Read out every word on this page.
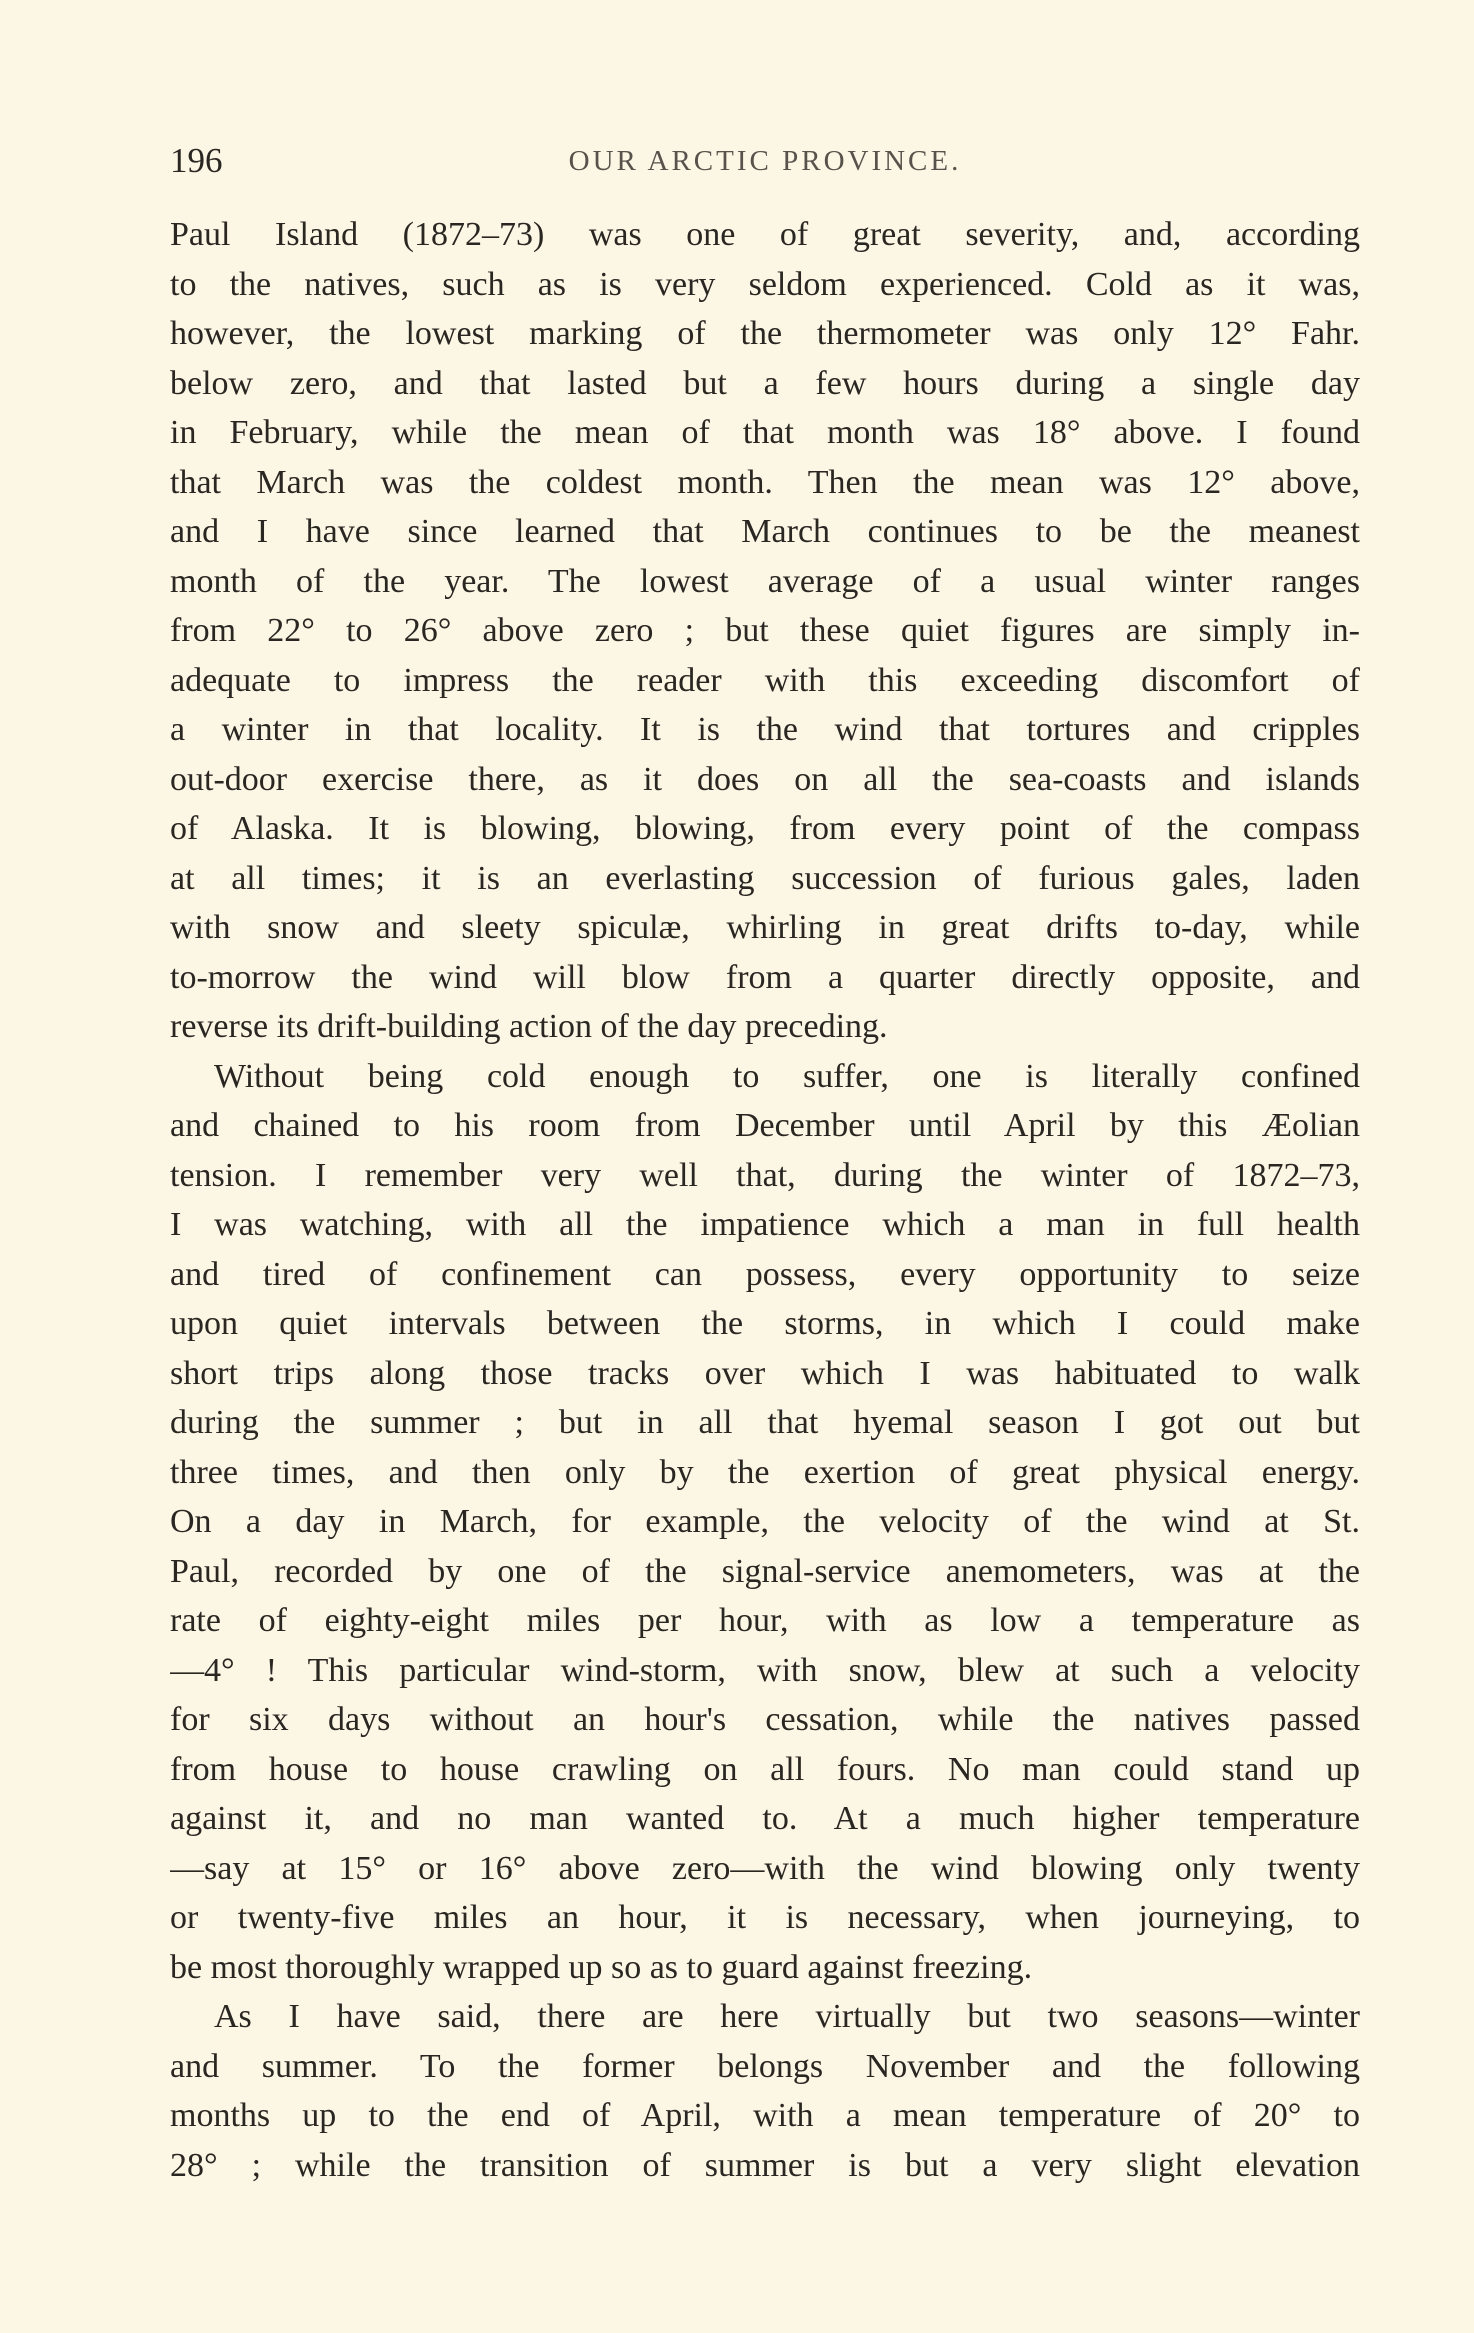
196	OUR ARCTIC PROVINCE.
Paul Island (1872–73) was one of great severity, and, according
to the natives, such as is very seldom experienced. Cold as it was,
however, the lowest marking of the thermometer was only 12° Fahr.
below zero, and that lasted but a few hours during a single day
in February, while the mean of that month was 18° above. I found
that March was the coldest month. Then the mean was 12° above,
and I have since learned that March continues to be the meanest
month of the year. The lowest average of a usual winter ranges
from 22° to 26° above zero ; but these quiet figures are simply in-
adequate to impress the reader with this exceeding discomfort of
a winter in that locality. It is the wind that tortures and cripples
out-door exercise there, as it does on all the sea-coasts and islands
of Alaska. It is blowing, blowing, from every point of the compass
at all times; it is an everlasting succession of furious gales, laden
with snow and sleety spiculæ, whirling in great drifts to-day, while
to-morrow the wind will blow from a quarter directly opposite, and
reverse its drift-building action of the day preceding.
Without being cold enough to suffer, one is literally confined
and chained to his room from December until April by this Æolian
tension. I remember very well that, during the winter of 1872–73,
I was watching, with all the impatience which a man in full health
and tired of confinement can possess, every opportunity to seize
upon quiet intervals between the storms, in which I could make
short trips along those tracks over which I was habituated to walk
during the summer ; but in all that hyemal season I got out but
three times, and then only by the exertion of great physical energy.
On a day in March, for example, the velocity of the wind at St.
Paul, recorded by one of the signal-service anemometers, was at the
rate of eighty-eight miles per hour, with as low a temperature as
—4° ! This particular wind-storm, with snow, blew at such a velocity
for six days without an hour's cessation, while the natives passed
from house to house crawling on all fours. No man could stand up
against it, and no man wanted to. At a much higher temperature
—say at 15° or 16° above zero—with the wind blowing only twenty
or twenty-five miles an hour, it is necessary, when journeying, to
be most thoroughly wrapped up so as to guard against freezing.
As I have said, there are here virtually but two seasons—winter
and summer. To the former belongs November and the following
months up to the end of April, with a mean temperature of 20° to
28° ; while the transition of summer is but a very slight elevation
